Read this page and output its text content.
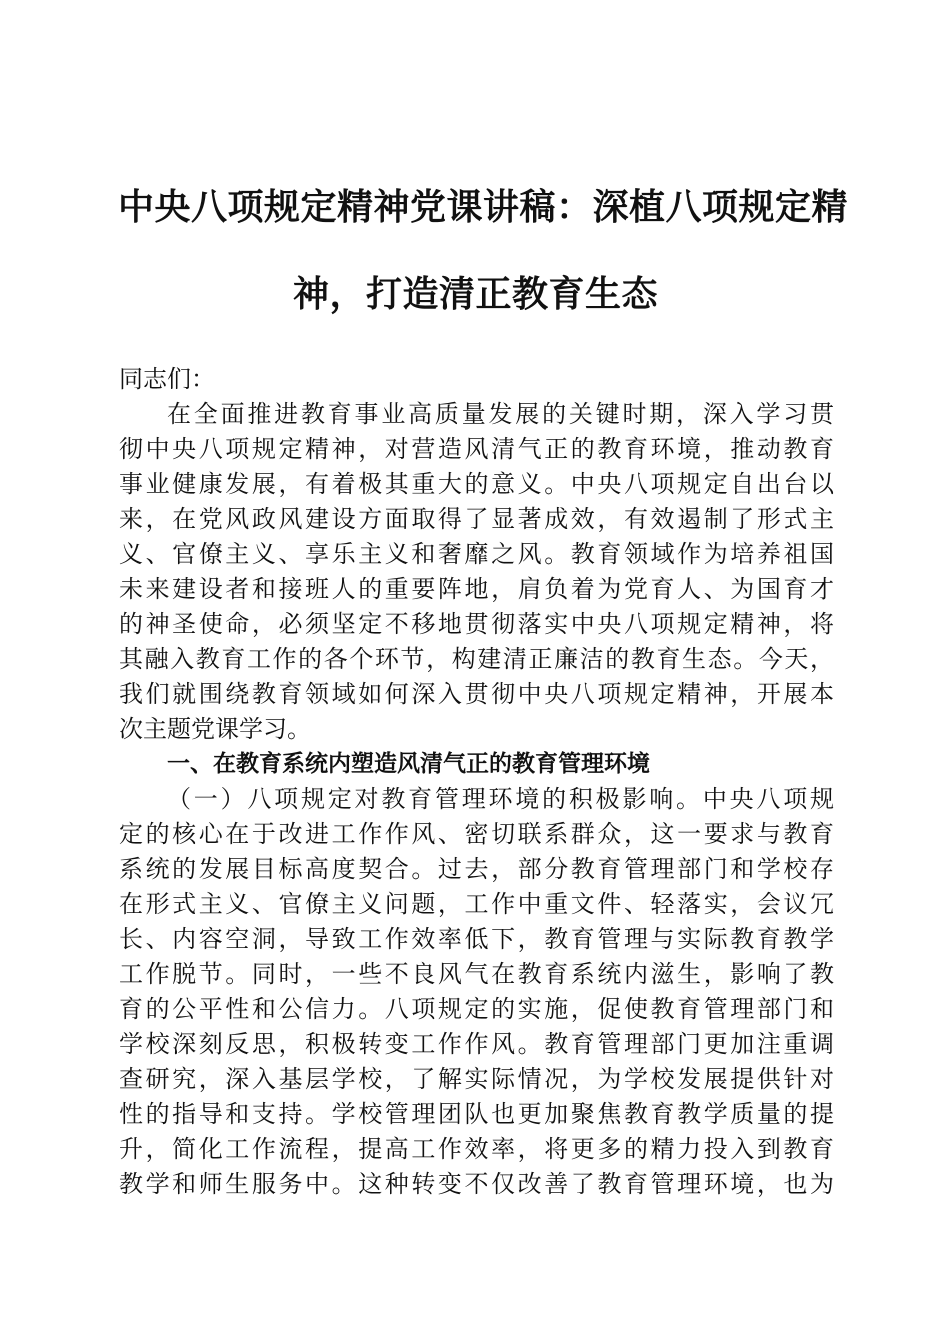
中央八项规定精神党课讲稿：深植八项规定精
神，打造清正教育生态
同志们：
在全面推进教育事业高质量发展的关键时期，深入学习贯
彻中央八项规定精神，对营造风清气正的教育环境，推动教育
事业健康发展，有着极其重大的意义。中央八项规定自出台以
来，在党风政风建设方面取得了显著成效，有效遏制了形式主
义、官僚主义、享乐主义和奢靡之风。教育领域作为培养祖国
未来建设者和接班人的重要阵地，肩负着为党育人、为国育才
的神圣使命，必须坚定不移地贯彻落实中央八项规定精神，将
其融入教育工作的各个环节，构建清正廉洁的教育生态。今天，
我们就围绕教育领域如何深入贯彻中央八项规定精神，开展本
次主题党课学习。
一、在教育系统内塑造风清气正的教育管理环境
（一）八项规定对教育管理环境的积极影响。中央八项规
定的核心在于改进工作作风、密切联系群众，这一要求与教育
系统的发展目标高度契合。过去，部分教育管理部门和学校存
在形式主义、官僚主义问题，工作中重文件、轻落实，会议冗
长、内容空洞，导致工作效率低下，教育管理与实际教育教学
工作脱节。同时，一些不良风气在教育系统内滋生，影响了教
育的公平性和公信力。八项规定的实施，促使教育管理部门和
学校深刻反思，积极转变工作作风。教育管理部门更加注重调
查研究，深入基层学校，了解实际情况，为学校发展提供针对
性的指导和支持。学校管理团队也更加聚焦教育教学质量的提
升，简化工作流程，提高工作效率，将更多的精力投入到教育
教学和师生服务中。这种转变不仅改善了教育管理环境，也为
